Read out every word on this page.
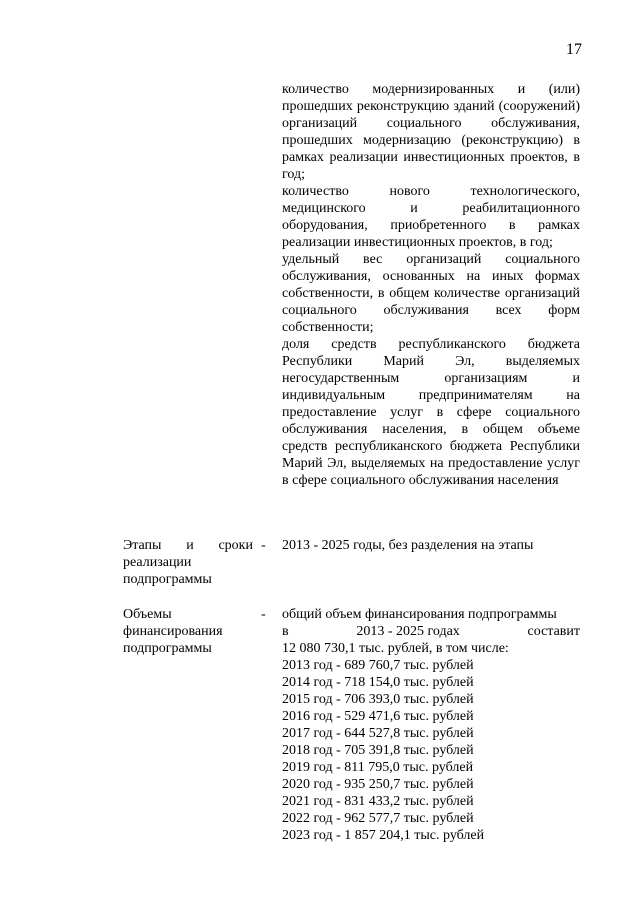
17

количество модернизированных и (или) прошедших реконструкцию зданий (сооружений) организаций социального обслуживания, прошедших модернизацию (реконструкцию) в рамках реализации инвестиционных проектов, в год;

количество нового технологического, медицинского и реабилитационного оборудования, приобретенного в рамках реализации инвестиционных проектов, в год;

удельный вес организаций социального обслуживания, основанных на иных формах собственности, в общем количестве организаций социального обслуживания всех форм собственности;

доля средств республиканского бюджета Республики Марий Эл, выделяемых негосударственным организациям и индивидуальным предпринимателям на предоставление услуг в сфере социального обслуживания населения, в общем объеме средств республиканского бюджета Республики Марий Эл, выделяемых на предоставление услуг в сфере социального обслуживания населения

Этапы и сроки
реализации
подпрограммы
- 2013 - 2025 годы, без разделения на этапы
Объемы
финансирования
подпрограммы
- общий объем финансирования подпрограммы
в	2013 - 2025 годах	составит
12 080 730,1 тыс. рублей, в том числе:
2013 год - 689 760,7 тыс. рублей
2014 год - 718 154,0 тыс. рублей
2015 год - 706 393,0 тыс. рублей
2016 год - 529 471,6 тыс. рублей
2017 год - 644 527,8 тыс. рублей
2018 год - 705 391,8 тыс. рублей
2019 год - 811 795,0 тыс. рублей
2020 год - 935 250,7 тыс. рублей
2021 год - 831 433,2 тыс. рублей
2022 год - 962 577,7 тыс. рублей
2023 год - 1 857 204,1 тыс. рублей
